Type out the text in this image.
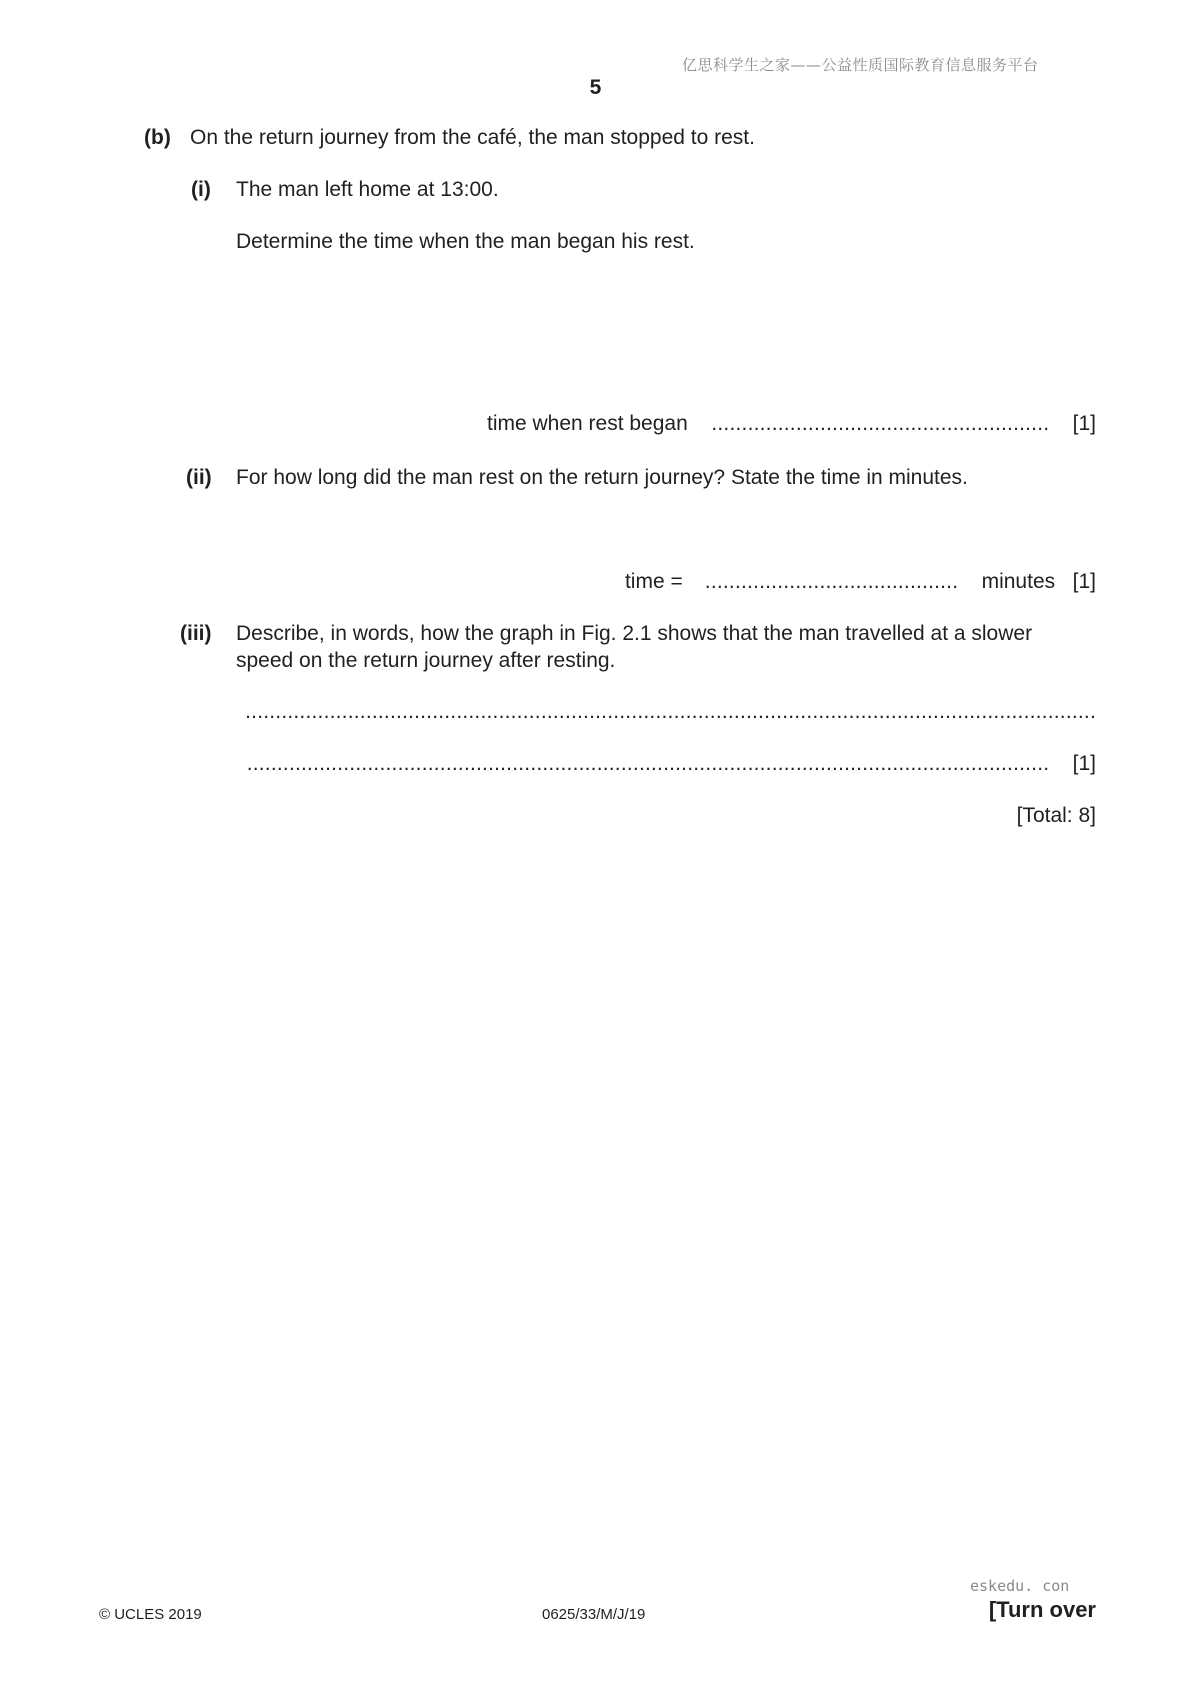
亿思科学生之家——公益性质国际教育信息服务平台
5
(b) On the return journey from the café, the man stopped to rest.
(i) The man left home at 13:00.
Determine the time when the man began his rest.
time when rest began ........................................................ [1]
(ii) For how long did the man rest on the return journey? State the time in minutes.
time = .......................................... minutes [1]
(iii) Describe, in words, how the graph in Fig. 2.1 shows that the man travelled at a slower
speed on the return journey after resting.
.............................................................................................................................................
..................................................................................................................................... [1]
[Total: 8]
© UCLES 2019	0625/33/M/J/19
eskedu. con
[Turn over
